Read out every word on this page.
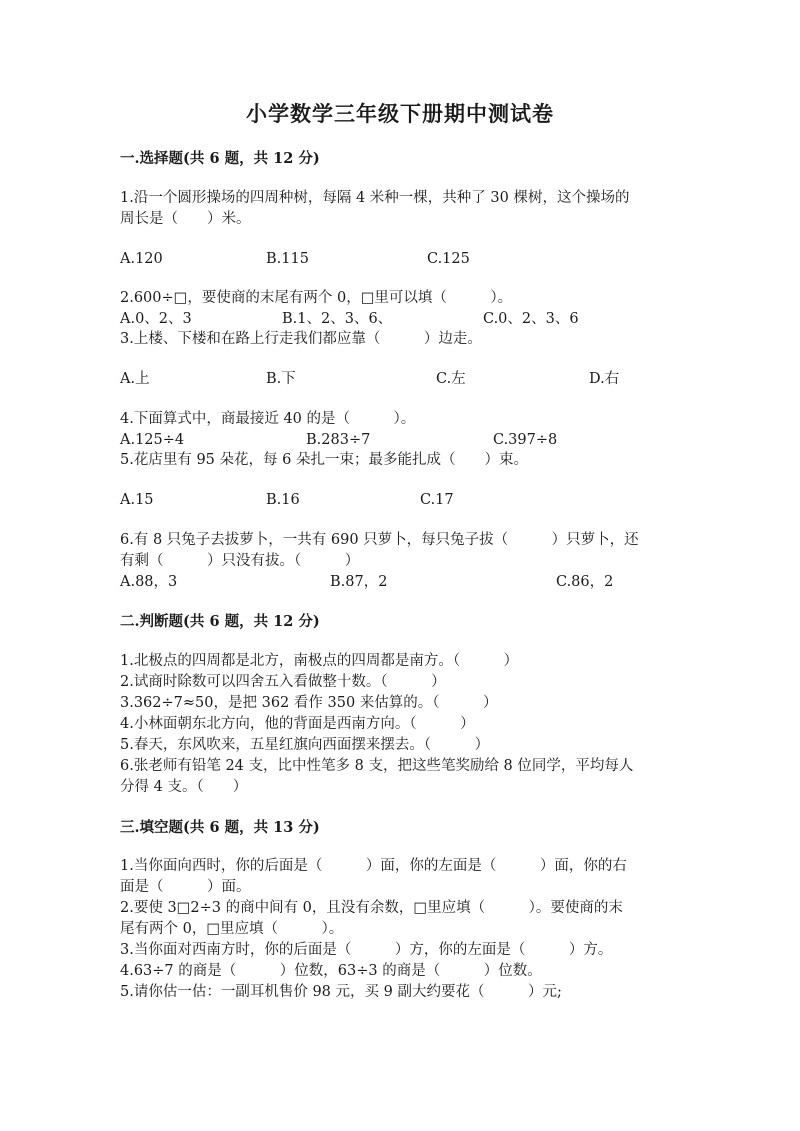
小学数学三年级下册期中测试卷
一.选择题(共 6 题，共 12 分)
1.沿一个圆形操场的四周种树，每隔 4 米种一棵，共种了 30 棵树，这个操场的
周长是（　　）米。
A.120	B.115	C.125
2.600÷□，要使商的末尾有两个 0，□里可以填（　　　）。
A.0、2、3	B.1、2、3、6、	C.0、2、3、6
3.上楼、下楼和在路上行走我们都应靠（　　　）边走。
A.上	B.下	C.左	D.右
4.下面算式中，商最接近 40 的是（　　　）。
A.125÷4	B.283÷7	C.397÷8
5.花店里有 95 朵花，每 6 朵扎一束；最多能扎成（　　）束。
A.15	B.16	C.17
6.有 8 只兔子去拔萝卜，一共有 690 只萝卜，每只兔子拔（　　　）只萝卜，还
有剩（　　　）只没有拔。（　　　）
A.88，3	B.87，2	C.86，2
二.判断题(共 6 题，共 12 分)
1.北极点的四周都是北方，南极点的四周都是南方。（　　　）
2.试商时除数可以四舍五入看做整十数。（　　　）
3.362÷7≈50，是把 362 看作 350 来估算的。（　　　）
4.小林面朝东北方向，他的背面是西南方向。（　　　）
5.春天，东风吹来，五星红旗向西面摆来摆去。（　　　）
6.张老师有铅笔 24 支，比中性笔多 8 支，把这些笔奖励给 8 位同学，平均每人
分得 4 支。（　　）
三.填空题(共 6 题，共 13 分)
1.当你面向西时，你的后面是（　　　）面，你的左面是（　　　）面，你的右
面是（　　　）面。
2.要使 3□2÷3 的商中间有 0，且没有余数，□里应填（　　　）。要使商的末
尾有两个 0，□里应填（　　　）。
3.当你面对西南方时，你的后面是（　　　）方，你的左面是（　　　）方。
4.63÷7 的商是（　　　）位数，63÷3 的商是（　　　）位数。
5.请你估一估：一副耳机售价 98 元，买 9 副大约要花（　　　）元;
